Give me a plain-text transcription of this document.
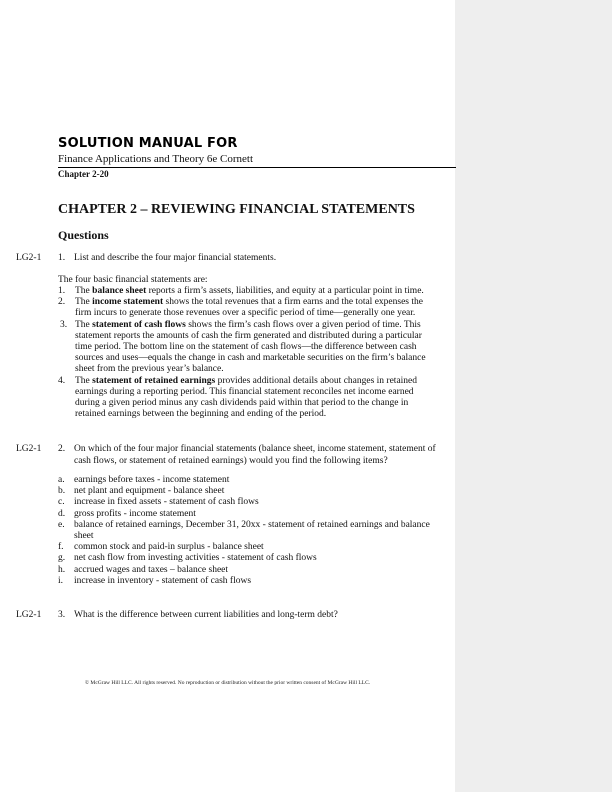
SOLUTION MANUAL FOR
Finance Applications and Theory 6e Cornett
Chapter 2-20
CHAPTER 2 – REVIEWING FINANCIAL STATEMENTS
Questions
LG2-1 1. List and describe the four major financial statements.
The four basic financial statements are:
1. The balance sheet reports a firm’s assets, liabilities, and equity at a particular point in time.
2. The income statement shows the total revenues that a firm earns and the total expenses the firm incurs to generate those revenues over a specific period of time—generally one year.
3. The statement of cash flows shows the firm’s cash flows over a given period of time. This statement reports the amounts of cash the firm generated and distributed during a particular time period. The bottom line on the statement of cash flows—the difference between cash sources and uses—equals the change in cash and marketable securities on the firm’s balance sheet from the previous year’s balance.
4. The statement of retained earnings provides additional details about changes in retained earnings during a reporting period. This financial statement reconciles net income earned during a given period minus any cash dividends paid within that period to the change in retained earnings between the beginning and ending of the period.
LG2-1 2. On which of the four major financial statements (balance sheet, income statement, statement of cash flows, or statement of retained earnings) would you find the following items?
a. earnings before taxes - income statement
b. net plant and equipment - balance sheet
c. increase in fixed assets - statement of cash flows
d. gross profits - income statement
e. balance of retained earnings, December 31, 20xx - statement of retained earnings and balance sheet
f. common stock and paid-in surplus - balance sheet
g. net cash flow from investing activities - statement of cash flows
h. accrued wages and taxes – balance sheet
i. increase in inventory - statement of cash flows
LG2-1 3. What is the difference between current liabilities and long-term debt?
© McGraw Hill LLC. All rights reserved. No reproduction or distribution without the prior written consent of McGraw Hill LLC.
